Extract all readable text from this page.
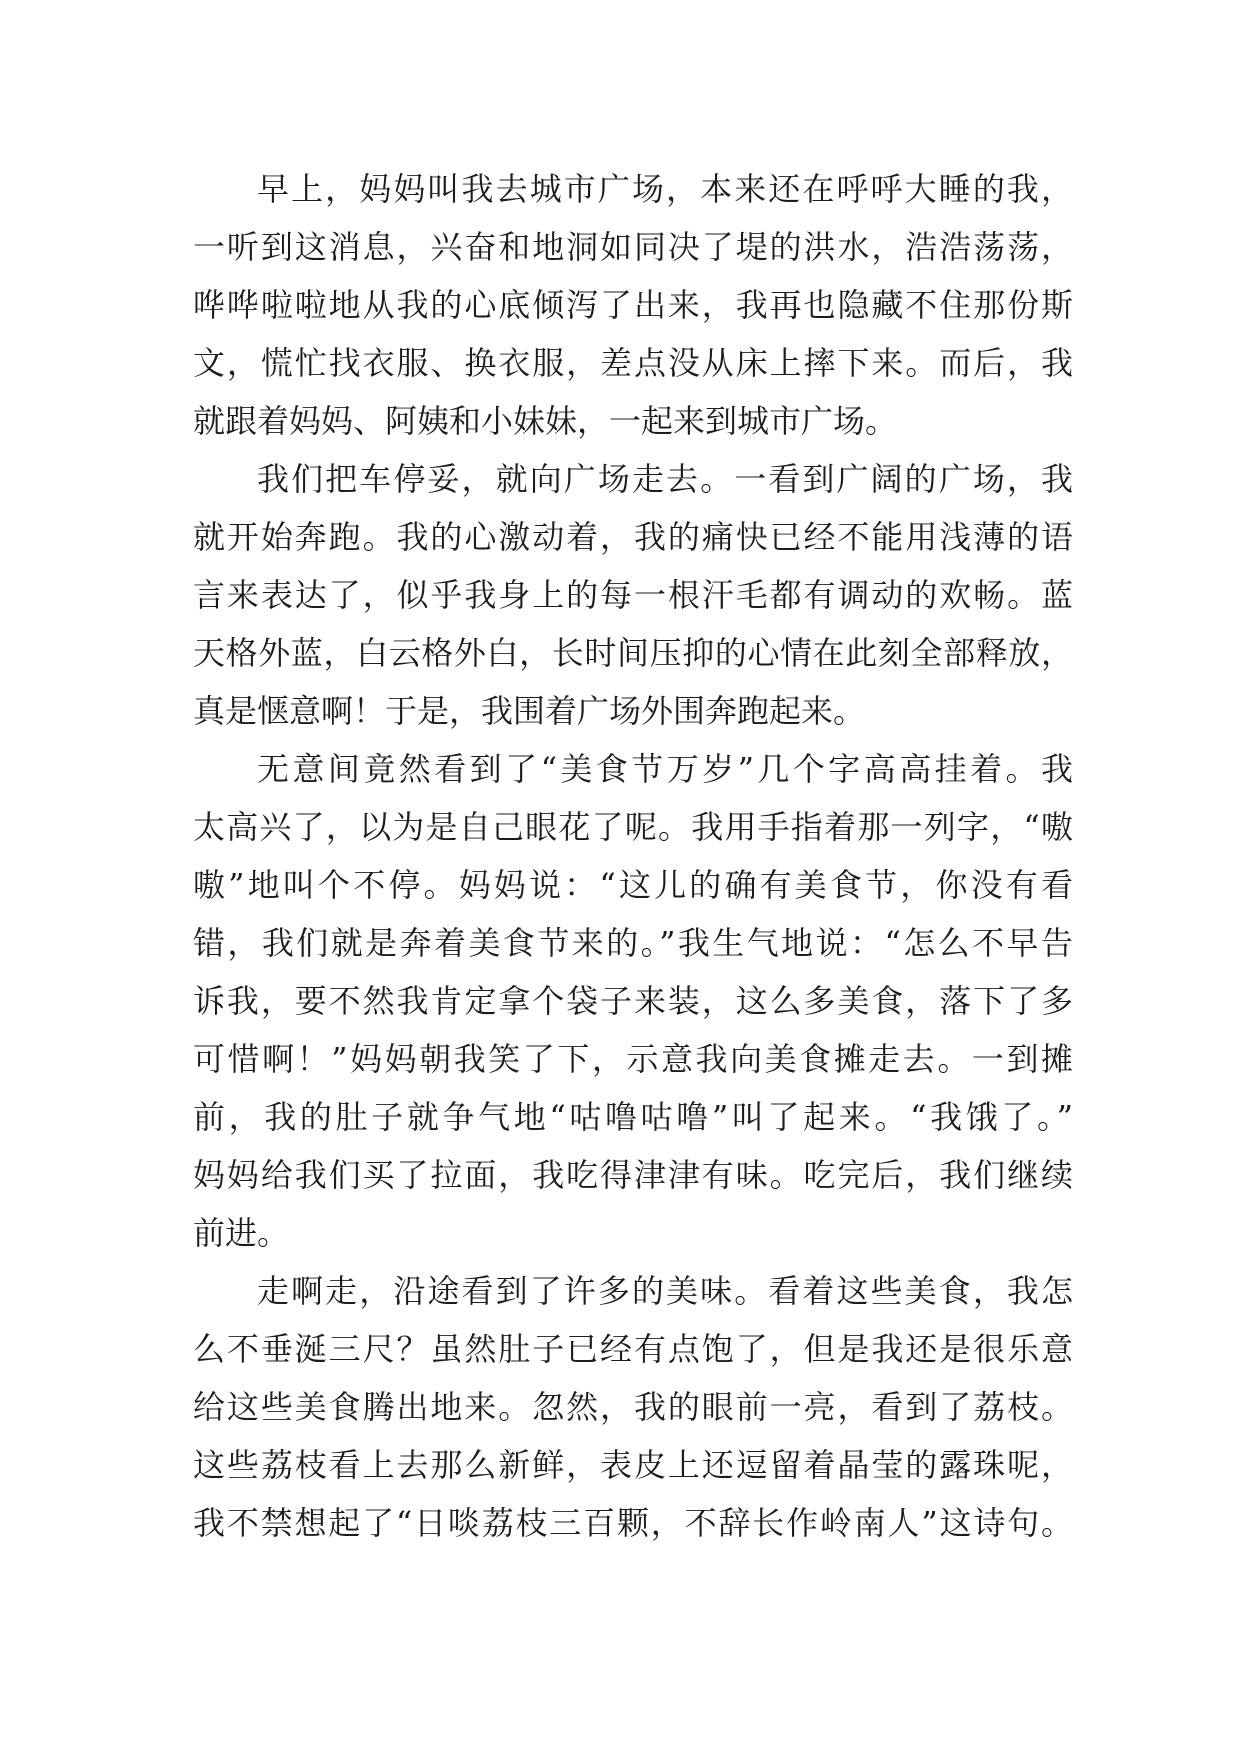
早上，妈妈叫我去城市广场，本来还在呼呼大睡的我，
一听到这消息，兴奋和地洞如同决了堤的洪水，浩浩荡荡，
哗哗啦啦地从我的心底倾泻了出来，我再也隐藏不住那份斯
文，慌忙找衣服、换衣服，差点没从床上摔下来。而后，我
就跟着妈妈、阿姨和小妹妹，一起来到城市广场。
我们把车停妥，就向广场走去。一看到广阔的广场，我
就开始奔跑。我的心激动着，我的痛快已经不能用浅薄的语
言来表达了，似乎我身上的每一根汗毛都有调动的欢畅。蓝
天格外蓝，白云格外白，长时间压抑的心情在此刻全部释放，
真是惬意啊！于是，我围着广场外围奔跑起来。
无意间竟然看到了“美食节万岁”几个字高高挂着。我
太高兴了，以为是自己眼花了呢。我用手指着那一列字，“嗷
嗷”地叫个不停。妈妈说：“这儿的确有美食节，你没有看
错，我们就是奔着美食节来的。”我生气地说：“怎么不早告
诉我，要不然我肯定拿个袋子来装，这么多美食，落下了多
可惜啊！”妈妈朝我笑了下，示意我向美食摊走去。一到摊
前，我的肚子就争气地“咕噜咕噜”叫了起来。“我饿了。”
妈妈给我们买了拉面，我吃得津津有味。吃完后，我们继续
前进。
走啊走，沿途看到了许多的美味。看着这些美食，我怎
么不垂涎三尺？虽然肚子已经有点饱了，但是我还是很乐意
给这些美食腾出地来。忽然，我的眼前一亮，看到了荔枝。
这些荔枝看上去那么新鲜，表皮上还逗留着晶莹的露珠呢，
我不禁想起了“日啖荔枝三百颗，不辞长作岭南人”这诗句。
